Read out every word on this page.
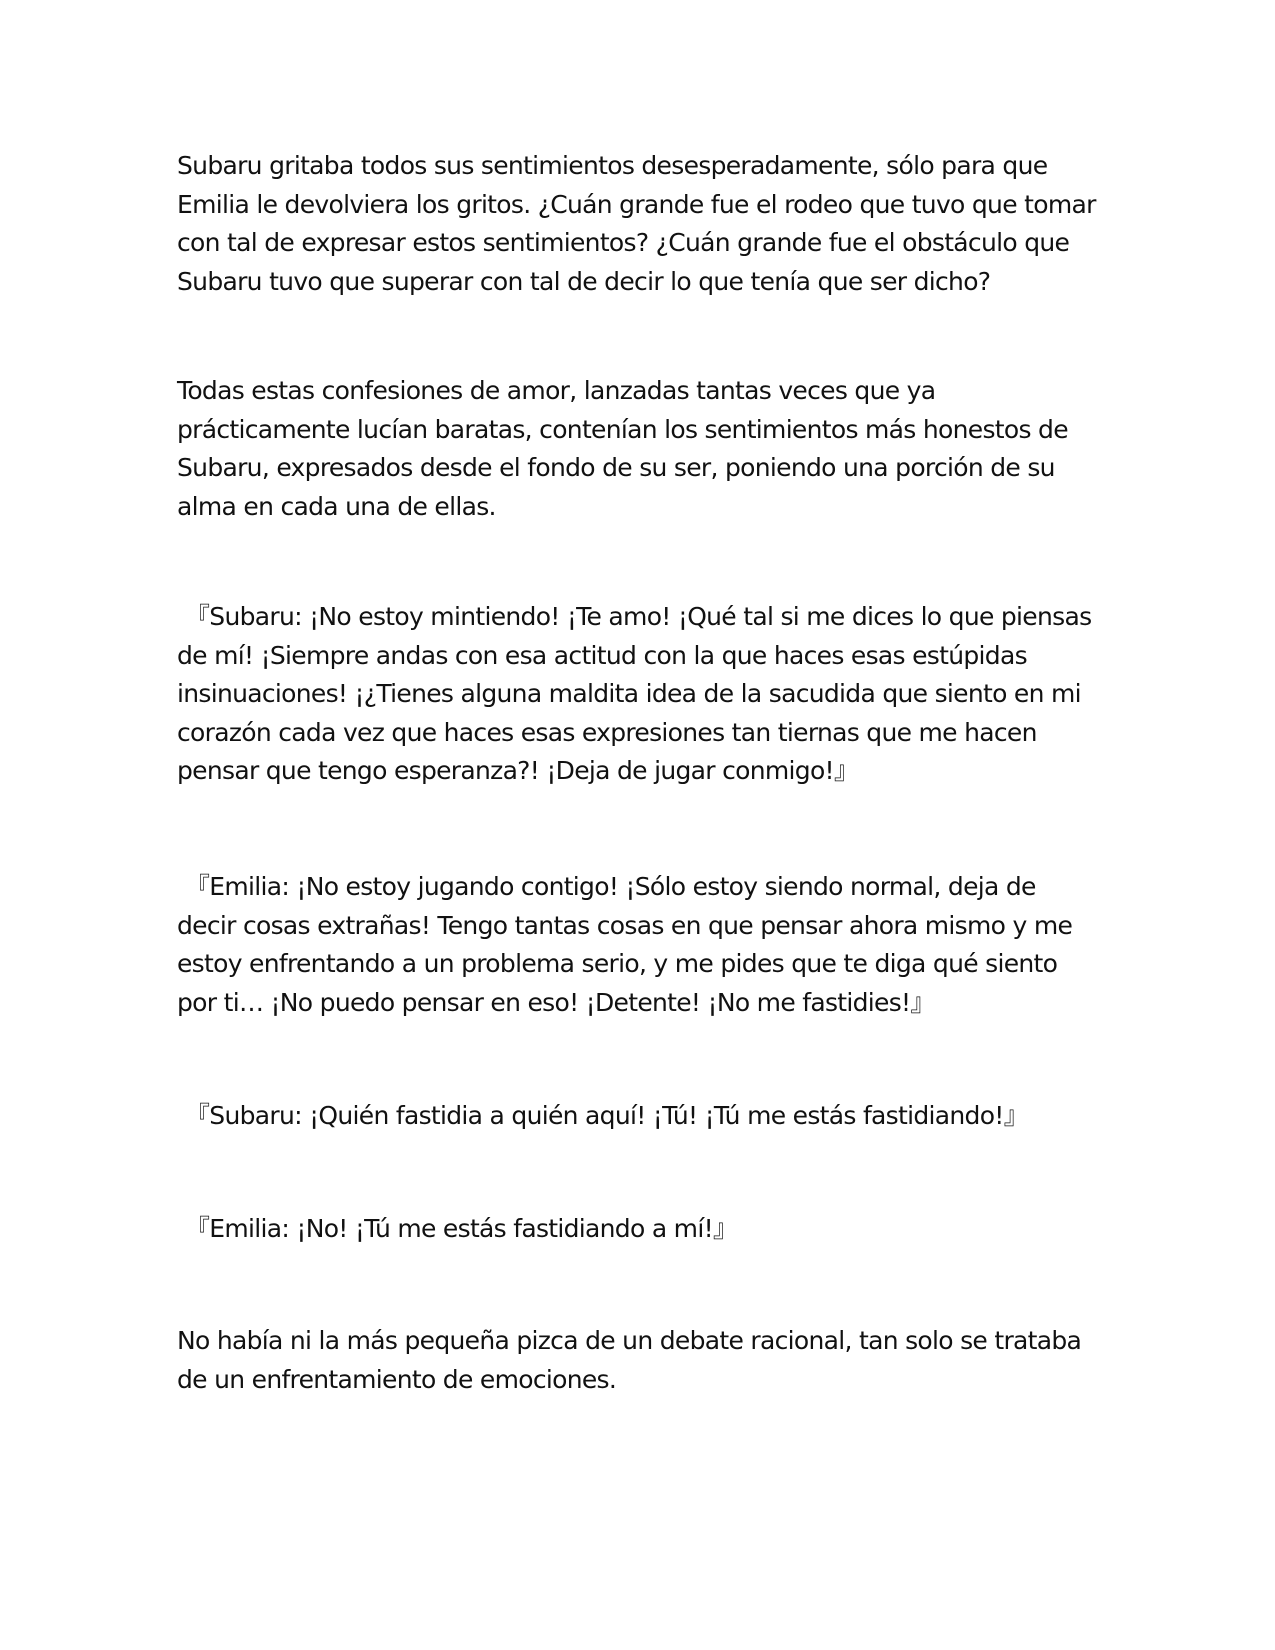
Subaru gritaba todos sus sentimientos desesperadamente, sólo para que Emilia le devolviera los gritos. ¿Cuán grande fue el rodeo que tuvo que tomar con tal de expresar estos sentimientos? ¿Cuán grande fue el obstáculo que Subaru tuvo que superar con tal de decir lo que tenía que ser dicho?

Todas estas confesiones de amor, lanzadas tantas veces que ya prácticamente lucían baratas, contenían los sentimientos más honestos de Subaru, expresados desde el fondo de su ser, poniendo una porción de su alma en cada una de ellas.

『Subaru: ¡No estoy mintiendo! ¡Te amo! ¡Qué tal si me dices lo que piensas de mí! ¡Siempre andas con esa actitud con la que haces esas estúpidas insinuaciones! ¡¿Tienes alguna maldita idea de la sacudida que siento en mi corazón cada vez que haces esas expresiones tan tiernas que me hacen pensar que tengo esperanza?! ¡Deja de jugar conmigo!』

『Emilia: ¡No estoy jugando contigo! ¡Sólo estoy siendo normal, deja de decir cosas extrañas! Tengo tantas cosas en que pensar ahora mismo y me estoy enfrentando a un problema serio, y me pides que te diga qué siento por ti… ¡No puedo pensar en eso! ¡Detente! ¡No me fastidies!』

『Subaru: ¡Quién fastidia a quién aquí! ¡Tú! ¡Tú me estás fastidiando!』

『Emilia: ¡No! ¡Tú me estás fastidiando a mí!』

No había ni la más pequeña pizca de un debate racional, tan solo se trataba de un enfrentamiento de emociones.
